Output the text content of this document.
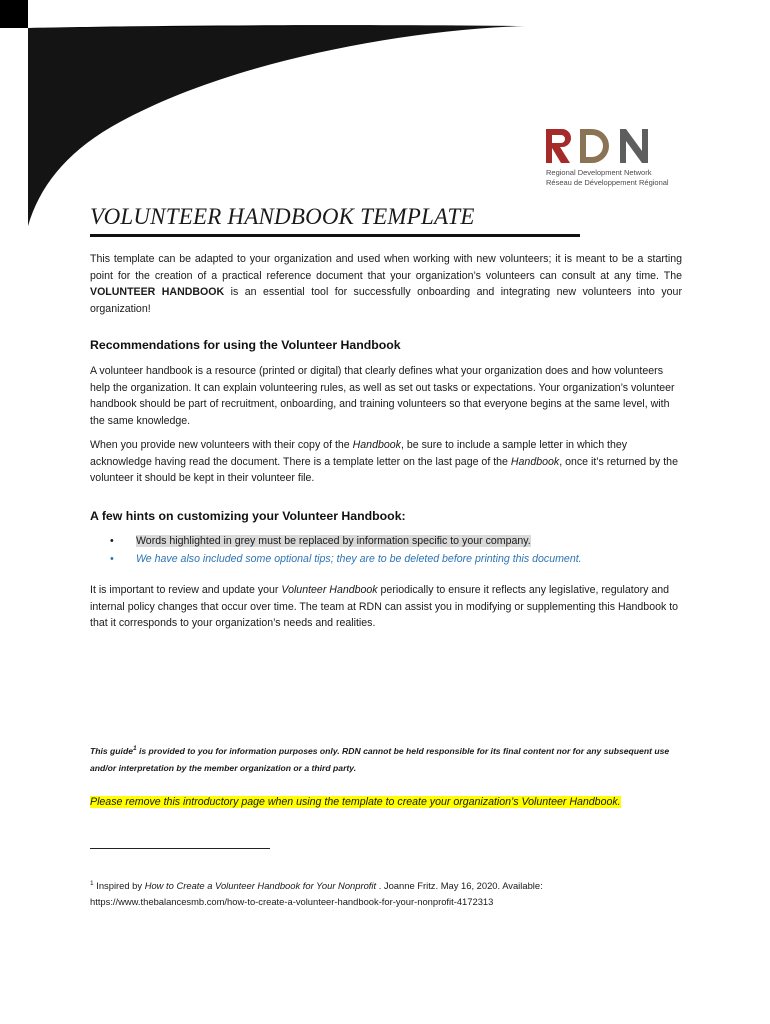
Regional Development Network
Réseau de Développement Régional
VOLUNTEER HANDBOOK TEMPLATE

This template can be adapted to your organization and used when working with new volunteers; it is meant to be a starting point for the creation of a practical reference document that your organization’s volunteers can consult at any time. The VOLUNTEER HANDBOOK is an essential tool for successfully onboarding and integrating new volunteers into your organization!

Recommendations for using the Volunteer Handbook

A volunteer handbook is a resource (printed or digital) that clearly defines what your organization does and how volunteers help the organization. It can explain volunteering rules, as well as set out tasks or expectations. Your organization’s volunteer handbook should be part of recruitment, onboarding, and training volunteers so that everyone begins at the same level, with the same knowledge.

When you provide new volunteers with their copy of the Handbook, be sure to include a sample letter in which they acknowledge having read the document. There is a template letter on the last page of the Handbook, once it’s returned by the volunteer it should be kept in their volunteer file.

A few hints on customizing your Volunteer Handbook:
• Words highlighted in grey must be replaced by information specific to your company.
• We have also included some optional tips; they are to be deleted before printing this document.

It is important to review and update your Volunteer Handbook periodically to ensure it reflects any legislative, regulatory and internal policy changes that occur over time. The team at RDN can assist you in modifying or supplementing this Handbook to that it corresponds to your organization’s needs and realities.

This guide$^1$ is provided to you for information purposes only. RDN cannot be held responsible for its final content nor for any subsequent use and/or interpretation by the member organization or a third party.

Please remove this introductory page when using the template to create your organization’s Volunteer Handbook.

$^1$ Inspired by How to Create a Volunteer Handbook for Your Nonprofit . Joanne Fritz. May 16, 2020. Available:
https://www.thebalancesmb.com/how-to-create-a-volunteer-handbook-for-your-nonprofit-4172313
